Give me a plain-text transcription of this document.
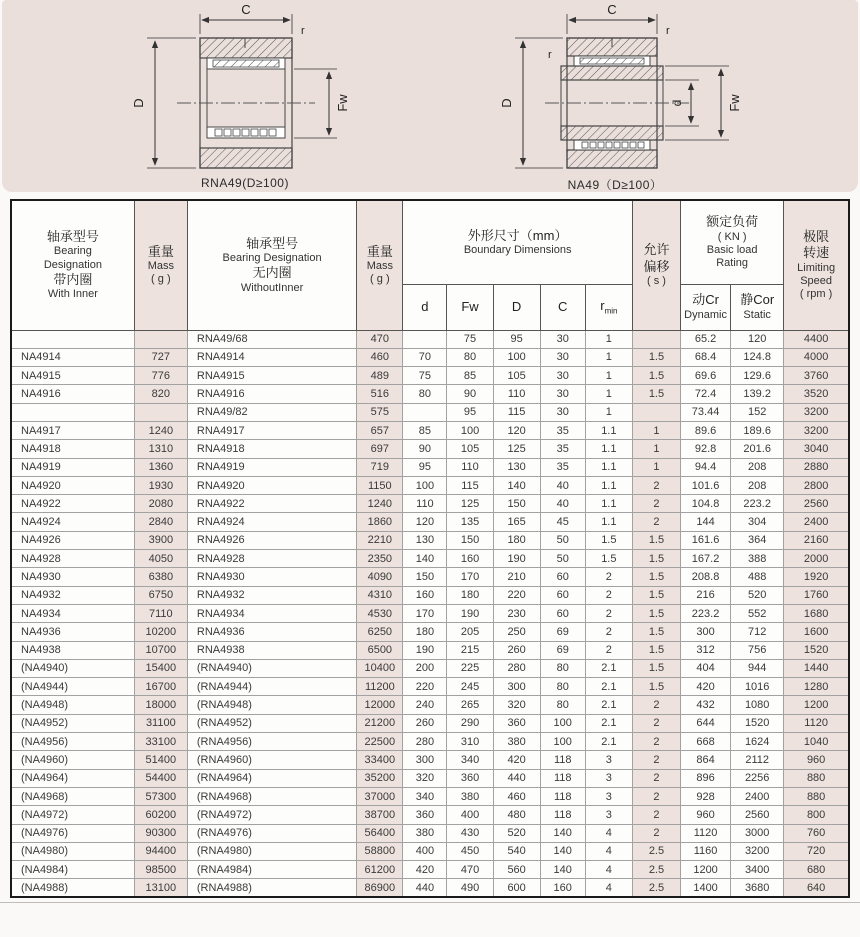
C
r
D	Fw
RNA49(D≥100)
C
r
r
D	d	Fw
NA49（D≥100）
轴承型号
Bearing
Designation
带内圈
With Inner	重量
Mass
( g )	轴承型号
Bearing Designation
无内圈
WithoutInner	重量
Mass
( g )	外形尺寸（mm）
Boundary Dimensions					允许
偏移
( s )	额定负荷
( KN )
Basic load
Rating		极限
转速
Limiting
Speed
( rpm )

				d	Fw	D	C	$r_{min}$		动Cr
Dynamic	静Cor
Static	

		RNA49/68	470		75	95	30	1		65.2	120	4400
NA4914	727	RNA4914	460	70	80	100	30	1	1.5	68.4	124.8	4000
NA4915	776	RNA4915	489	75	85	105	30	1	1.5	69.6	129.6	3760
NA4916	820	RNA4916	516	80	90	110	30	1	1.5	72.4	139.2	3520
		RNA49/82	575		95	115	30	1		73.44	152	3200
NA4917	1240	RNA4917	657	85	100	120	35	1.1	1	89.6	189.6	3200
NA4918	1310	RNA4918	697	90	105	125	35	1.1	1	92.8	201.6	3040
NA4919	1360	RNA4919	719	95	110	130	35	1.1	1	94.4	208	2880
NA4920	1930	RNA4920	1150	100	115	140	40	1.1	2	101.6	208	2800
NA4922	2080	RNA4922	1240	110	125	150	40	1.1	2	104.8	223.2	2560
NA4924	2840	RNA4924	1860	120	135	165	45	1.1	2	144	304	2400
NA4926	3900	RNA4926	2210	130	150	180	50	1.5	1.5	161.6	364	2160
NA4928	4050	RNA4928	2350	140	160	190	50	1.5	1.5	167.2	388	2000
NA4930	6380	RNA4930	4090	150	170	210	60	2	1.5	208.8	488	1920
NA4932	6750	RNA4932	4310	160	180	220	60	2	1.5	216	520	1760
NA4934	7110	RNA4934	4530	170	190	230	60	2	1.5	223.2	552	1680
NA4936	10200	RNA4936	6250	180	205	250	69	2	1.5	300	712	1600
NA4938	10700	RNA4938	6500	190	215	260	69	2	1.5	312	756	1520
(NA4940)	15400	(RNA4940)	10400	200	225	280	80	2.1	1.5	404	944	1440
(NA4944)	16700	(RNA4944)	11200	220	245	300	80	2.1	1.5	420	1016	1280
(NA4948)	18000	(RNA4948)	12000	240	265	320	80	2.1	2	432	1080	1200
(NA4952)	31100	(RNA4952)	21200	260	290	360	100	2.1	2	644	1520	1120
(NA4956)	33100	(RNA4956)	22500	280	310	380	100	2.1	2	668	1624	1040
(NA4960)	51400	(RNA4960)	33400	300	340	420	118	3	2	864	2112	960
(NA4964)	54400	(RNA4964)	35200	320	360	440	118	3	2	896	2256	880
(NA4968)	57300	(RNA4968)	37000	340	380	460	118	3	2	928	2400	880
(NA4972)	60200	(RNA4972)	38700	360	400	480	118	3	2	960	2560	800
(NA4976)	90300	(RNA4976)	56400	380	430	520	140	4	2	1120	3000	760
(NA4980)	94400	(RNA4980)	58800	400	450	540	140	4	2.5	1160	3200	720
(NA4984)	98500	(RNA4984)	61200	420	470	560	140	4	2.5	1200	3400	680
(NA4988)	13100	(RNA4988)	86900	440	490	600	160	4	2.5	1400	3680	640
